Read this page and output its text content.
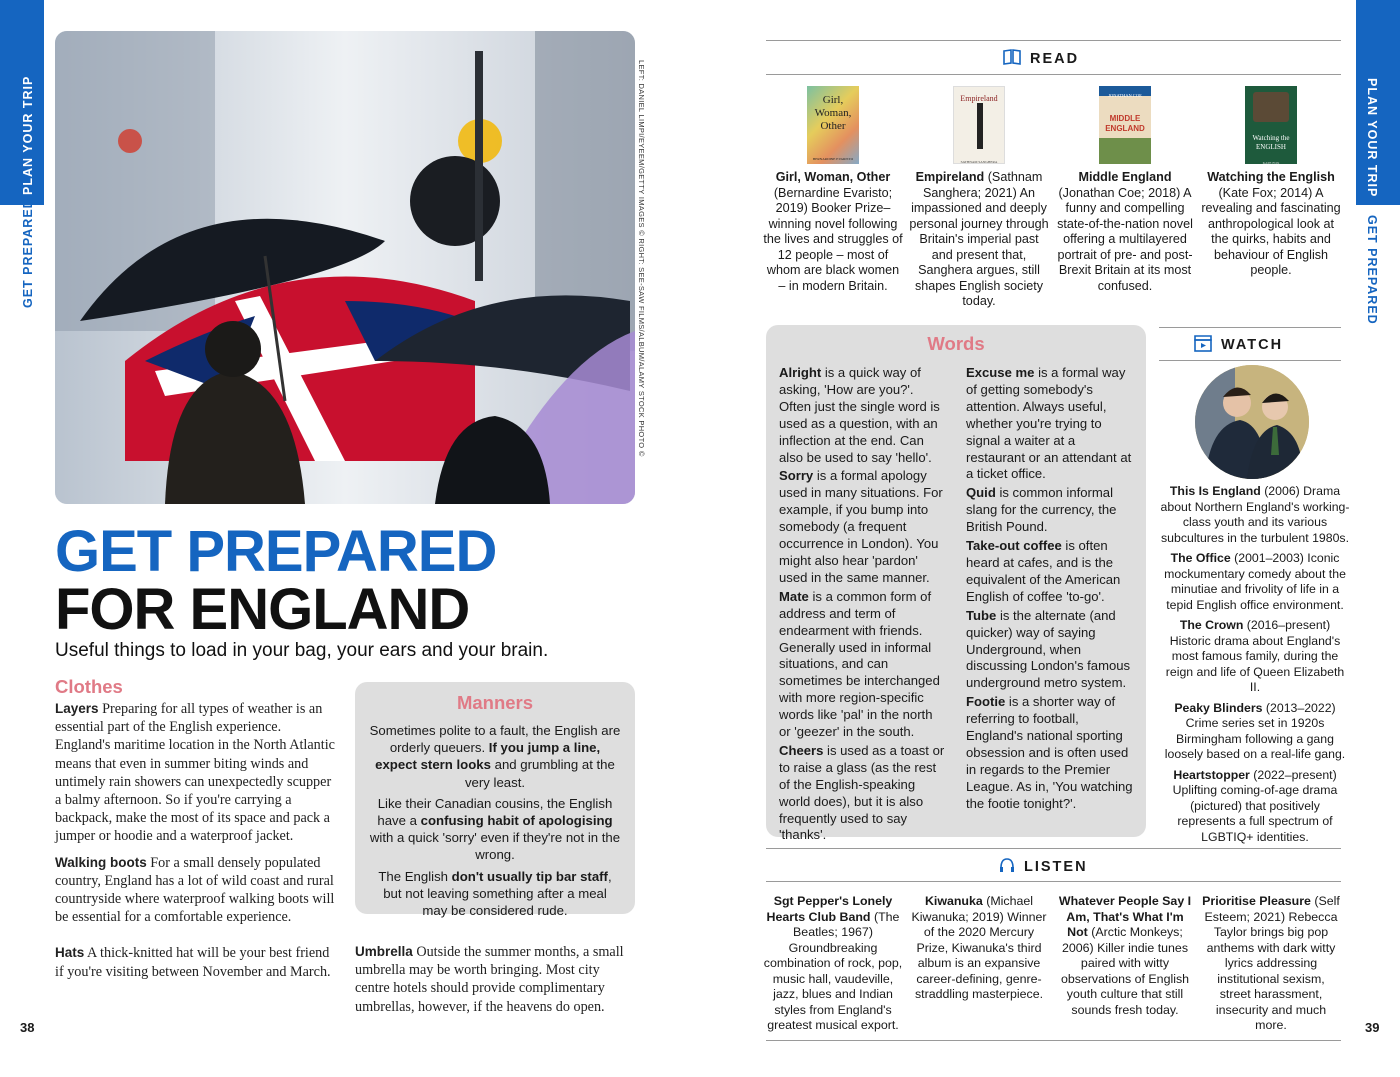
PLAN YOUR TRIP
GET PREPARED	LEFT: DANIEL LIMPI/EYEEM/GETTY IMAGES © RIGHT: SEE-SAW FILMS/ALBUM/ALAMY STOCK PHOTO ©
GET PREPARED
FOR ENGLAND
Useful things to load in your bag, your ears and your brain.
Clothes

Layers Preparing for all types of weather is an essential part of the English experience. England's maritime location in the North Atlantic means that even in summer biting winds and untimely rain showers can unexpectedly scupper a balmy afternoon. So if you're carrying a backpack, make the most of its space and pack a jumper or hoodie and a waterproof jacket.

Walking boots For a small densely populated country, England has a lot of wild coast and rural countryside where waterproof walking boots will be essential for a comfortable experience.

Hats A thick-knitted hat will be your best friend if you're visiting between November and March.

Manners

Sometimes polite to a fault, the English are orderly queuers. If you jump a line, expect stern looks and grumbling at the very least.

Like their Canadian cousins, the English have a confusing habit of apologising with a quick 'sorry' even if they're not in the wrong.

The English don't usually tip bar staff, but not leaving something after a meal may be considered rude.

Umbrella Outside the summer months, a small umbrella may be worth bringing. Most city centre hotels should provide complimentary umbrellas, however, if the heavens do open.

38
PLAN YOUR TRIP
GET PREPARED
READ
Girl, Woman, Other
BERNARDINE EVARISTO
Girl, Woman, Other (Bernardine Evaristo; 2019) Booker Prize–winning novel following the lives and struggles of 12 people – most of whom are black women – in modern Britain.
Empireland
SATHNAM SANGHERA
Empireland (Sathnam Sanghera; 2021) An impassioned and deeply personal journey through Britain's imperial past and present that, Sanghera argues, still shapes English society today.
JONATHAN COE
MIDDLE ENGLAND
Middle England (Jonathan Coe; 2018) A funny and compelling state-of-the-nation novel offering a multilayered portrait of pre- and post-Brexit Britain at its most confused.
Watching the ENGLISH
KATE FOX
Watching the English (Kate Fox; 2014) A revealing and fascinating anthropological look at the quirks, habits and behaviour of English people.
Words

Alright is a quick way of asking, 'How are you?'. Often just the single word is used as a question, with an inflection at the end. Can also be used to say 'hello'.

Sorry is a formal apology used in many situations. For example, if you bump into somebody (a frequent occurrence in London). You might also hear 'pardon' used in the same manner.

Mate is a common form of address and term of endearment with friends. Generally used in informal situations, and can sometimes be interchanged with more region-specific words like 'pal' in the north or 'geezer' in the south.

Cheers is used as a toast or to raise a glass (as the rest of the English-speaking world does), but it is also frequently used to say 'thanks'.

Excuse me is a formal way of getting somebody's attention. Always useful, whether you're trying to signal a waiter at a restaurant or an attendant at a ticket office.

Quid is common informal slang for the currency, the British Pound.

Take-out coffee is often heard at cafes, and is the equivalent of the American English of coffee 'to-go'.

Tube is the alternate (and quicker) way of saying Underground, when discussing London's famous underground metro system.

Footie is a shorter way of referring to football, England's national sporting obsession and is often used in regards to the Premier League. As in, 'You watching the footie tonight?'.

WATCH

This Is England (2006) Drama about Northern England's working-class youth and its various subcultures in the turbulent 1980s.

The Office (2001–2003) Iconic mockumentary comedy about the minutiae and frivolity of life in a tepid English office environment.

The Crown (2016–present) Historic drama about England's most famous family, during the reign and life of Queen Elizabeth II.

Peaky Blinders (2013–2022) Crime series set in 1920s Birmingham following a gang loosely based on a real-life gang.

Heartstopper (2022–present) Uplifting coming-of-age drama (pictured) that positively represents a full spectrum of LGBTIQ+ identities.

LISTEN
Sgt Pepper's Lonely Hearts Club Band (The Beatles; 1967) Groundbreaking combination of rock, pop, music hall, vaudeville, jazz, blues and Indian styles from England's greatest musical export.
Kiwanuka (Michael Kiwanuka; 2019) Winner of the 2020 Mercury Prize, Kiwanuka's third album is an expansive career-defining, genre-straddling masterpiece.
Whatever People Say I Am, That's What I'm Not (Arctic Monkeys; 2006) Killer indie tunes paired with witty observations of English youth culture that still sounds fresh today.
Prioritise Pleasure (Self Esteem; 2021) Rebecca Taylor brings big pop anthems with dark witty lyrics addressing institutional sexism, street harassment, insecurity and much more.	39
